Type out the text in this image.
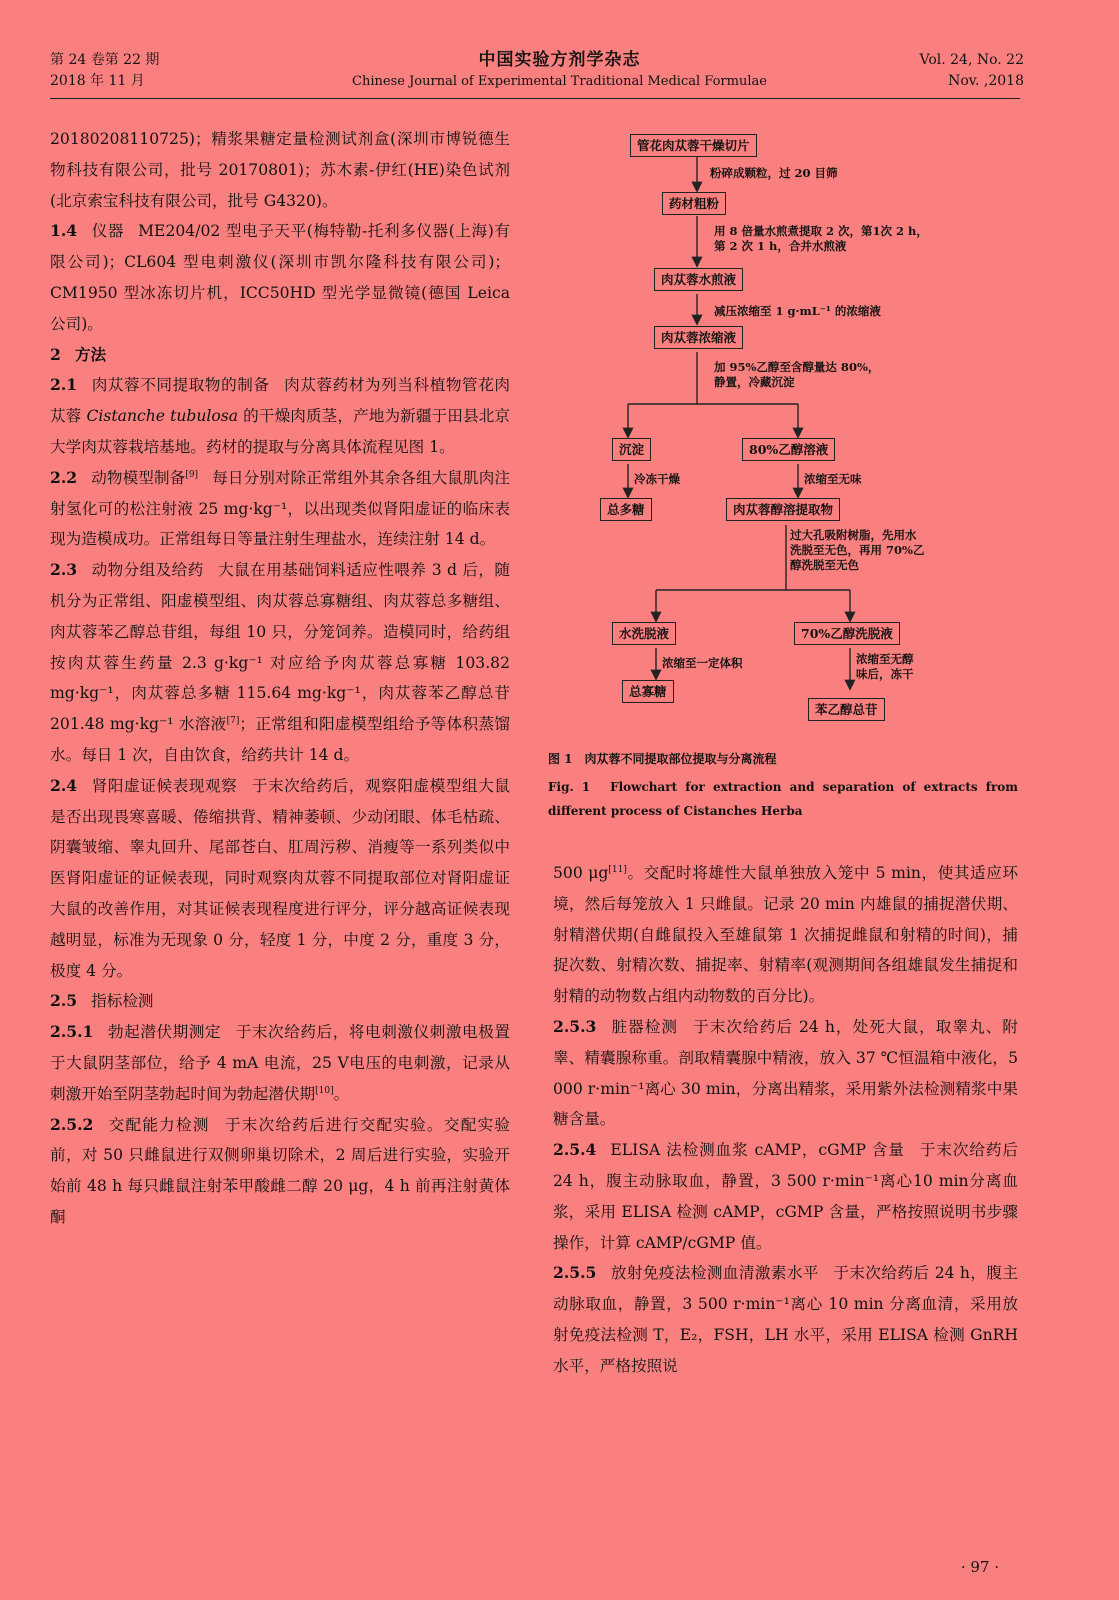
第 24 卷第 22 期
2018 年 11 月
中国实验方剂学杂志
Chinese Journal of Experimental Traditional Medical Formulae
Vol. 24, No. 22
Nov. ,2018

20180208110725)；精浆果糖定量检测试剂盒(深圳市博锐德生物科技有限公司，批号 20170801)；苏木素-伊红(HE)染色试剂(北京索宝科技有限公司，批号 G4320)。

1.4 仪器 ME204/02 型电子天平(梅特勒-托利多仪器(上海)有限公司)；CL604 型电刺激仪(深圳市凯尔隆科技有限公司)；CM1950 型冰冻切片机，ICC50HD 型光学显微镜(德国 Leica 公司)。

2 方法

2.1 肉苁蓉不同提取物的制备 肉苁蓉药材为列当科植物管花肉苁蓉 Cistanche tubulosa 的干燥肉质茎，产地为新疆于田县北京大学肉苁蓉栽培基地。药材的提取与分离具体流程见图 1。

2.2 动物模型制备[9] 每日分别对除正常组外其余各组大鼠肌肉注射氢化可的松注射液 25 mg·kg⁻¹，以出现类似肾阳虚证的临床表现为造模成功。正常组每日等量注射生理盐水，连续注射 14 d。

2.3 动物分组及给药 大鼠在用基础饲料适应性喂养 3 d 后，随机分为正常组、阳虚模型组、肉苁蓉总寡糖组、肉苁蓉总多糖组、肉苁蓉苯乙醇总苷组，每组 10 只，分笼饲养。造模同时，给药组按肉苁蓉生药量 2.3 g·kg⁻¹ 对应给予肉苁蓉总寡糖 103.82 mg·kg⁻¹，肉苁蓉总多糖 115.64 mg·kg⁻¹，肉苁蓉苯乙醇总苷 201.48 mg·kg⁻¹ 水溶液[7]；正常组和阳虚模型组给予等体积蒸馏水。每日 1 次，自由饮食，给药共计 14 d。

2.4 肾阳虚证候表现观察 于末次给药后，观察阳虚模型组大鼠是否出现畏寒喜暖、倦缩拱背、精神萎顿、少动闭眼、体毛枯疏、阴囊皱缩、睾丸回升、尾部苍白、肛周污秽、消瘦等一系列类似中医肾阳虚证的证候表现，同时观察肉苁蓉不同提取部位对肾阳虚证大鼠的改善作用，对其证候表现程度进行评分，评分越高证候表现越明显，标准为无现象 0 分，轻度 1 分，中度 2 分，重度 3 分，极度 4 分。

2.5 指标检测

2.5.1 勃起潜伏期测定 于末次给药后，将电刺激仪刺激电极置于大鼠阴茎部位，给予 4 mA 电流，25 V电压的电刺激，记录从刺激开始至阴茎勃起时间为勃起潜伏期[10]。

2.5.2 交配能力检测 于末次给药后进行交配实验。交配实验前，对 50 只雌鼠进行双侧卵巢切除术，2 周后进行实验，实验开始前 48 h 每只雌鼠注射苯甲酸雌二醇 20 μg，4 h 前再注射黄体酮

管花肉苁蓉干燥切片
粉碎成颗粒，过 20 目筛
药材粗粉
用 8 倍量水煎煮提取 2 次，第1次 2 h，
第 2 次 1 h，合并水煎液
肉苁蓉水煎液
减压浓缩至 1 g·mL⁻¹ 的浓缩液
肉苁蓉浓缩液
加 95%乙醇至含醇量达 80%，
静置，冷藏沉淀
沉淀	80%乙醇溶液
冷冻干燥	浓缩至无味
总多糖	肉苁蓉醇溶提取物
过大孔吸附树脂，先用水
洗脱至无色，再用 70%乙
醇洗脱至无色
水洗脱液	70%乙醇洗脱液
浓缩至一定体积	浓缩至无醇
味后，冻干
总寡糖
苯乙醇总苷
图 1　肉苁蓉不同提取部位提取与分离流程
Fig. 1　Flowchart for extraction and separation of extracts from different process of Cistanches Herba

500 μg[11]。交配时将雄性大鼠单独放入笼中 5 min，使其适应环境，然后每笼放入 1 只雌鼠。记录 20 min 内雄鼠的捕捉潜伏期、射精潜伏期(自雌鼠投入至雄鼠第 1 次捕捉雌鼠和射精的时间)，捕捉次数、射精次数、捕捉率、射精率(观测期间各组雄鼠发生捕捉和射精的动物数占组内动物数的百分比)。

2.5.3 脏器检测 于末次给药后 24 h，处死大鼠，取睾丸、附睾、精囊腺称重。剖取精囊腺中精液，放入 37 ℃恒温箱中液化，5 000 r·min⁻¹离心 30 min，分离出精浆，采用紫外法检测精浆中果糖含量。

2.5.4 ELISA 法检测血浆 cAMP，cGMP 含量 于末次给药后 24 h，腹主动脉取血，静置，3 500 r·min⁻¹离心10 min分离血浆，采用 ELISA 检测 cAMP，cGMP 含量，严格按照说明书步骤操作，计算 cAMP/cGMP 值。

2.5.5 放射免疫法检测血清激素水平 于末次给药后 24 h，腹主动脉取血，静置，3 500 r·min⁻¹离心 10 min 分离血清，采用放射免疫法检测 T，E₂，FSH，LH 水平，采用 ELISA 检测 GnRH 水平，严格按照说

· 97 ·
